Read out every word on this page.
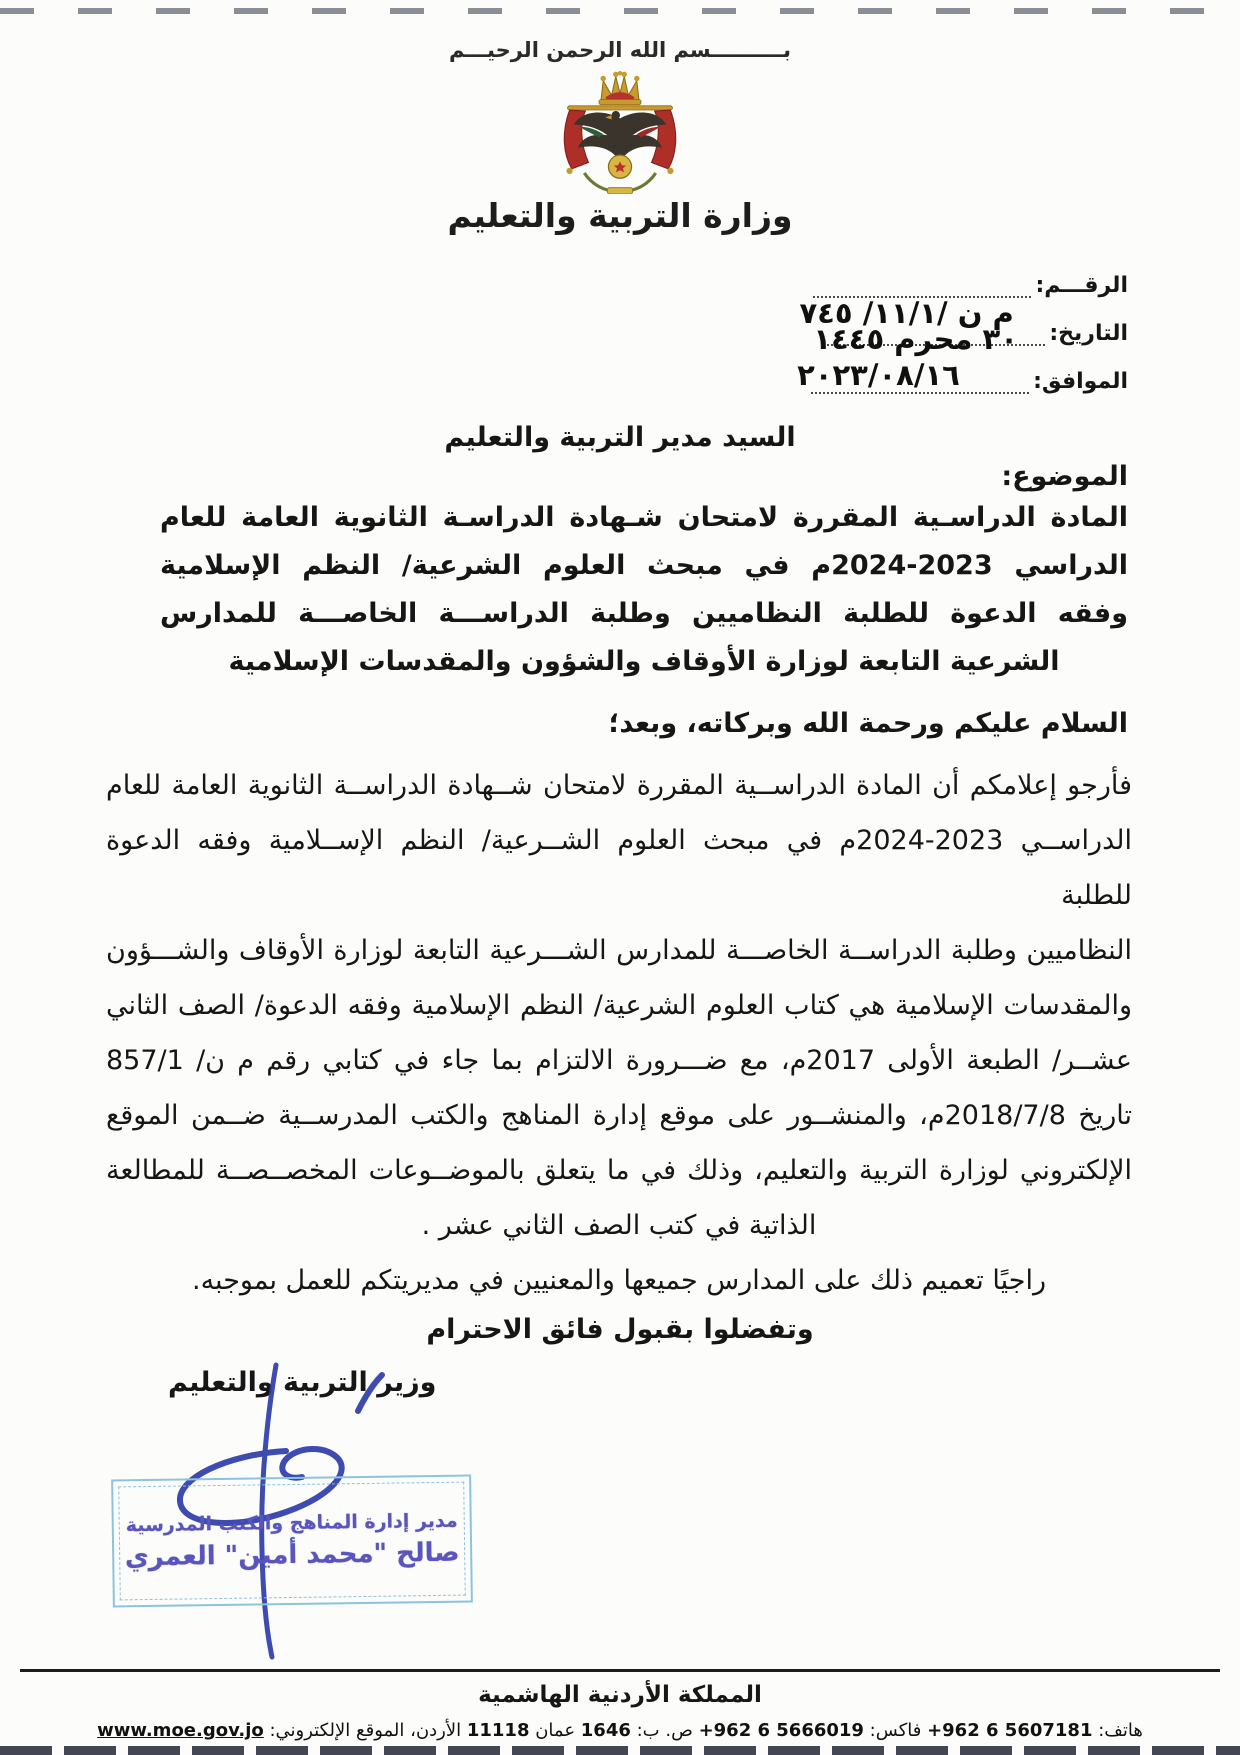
بــــــــــسم الله الرحمن الرحيـــم
وزارة التربية والتعليم
الرقـــم:
م ن /١١/١/ ٧٤٥
التاريخ:
٣٠ محرم ١٤٤٥
الموافق:
٢٠٢٣/٠٨/١٦
السيد مدير التربية والتعليم
الموضوع:
المادة الدراسـية المقررة لامتحان شـهادة الدراسـة الثانوية العامة للعام
الدراسي 2023-2024م في مبحث العلوم الشرعية/ النظم الإسلامية
وفقه الدعوة للطلبة النظاميين وطلبة الدراســـة الخاصـــة للمدارس
الشرعية التابعة لوزارة الأوقاف والشؤون والمقدسات الإسلامية
السلام عليكم ورحمة الله وبركاته، وبعد؛
فأرجو إعلامكم أن المادة الدراســية المقررة لامتحان شــهادة الدراســة الثانوية العامة للعام
الدراســي 2023-2024م في مبحث العلوم الشــرعية/ النظم الإســلامية وفقه الدعوة للطلبة
النظاميين وطلبة الدراســة الخاصـــة للمدارس الشـــرعية التابعة لوزارة الأوقاف والشـــؤون
والمقدسات الإسلامية هي كتاب العلوم الشرعية/ النظم الإسلامية وفقه الدعوة/ الصف الثاني
عشــر/ الطبعة الأولى 2017م، مع ضـــرورة الالتزام بما جاء في كتابي رقم م ن/ 857/1
تاريخ 2018/7/8م، والمنشــور على موقع إدارة المناهج والكتب المدرســية ضــمن الموقع
الإلكتروني لوزارة التربية والتعليم، وذلك في ما يتعلق بالموضــوعات المخصــصــة للمطالعة
الذاتية في كتب الصف الثاني عشر .
راجيًا تعميم ذلك على المدارس جميعها والمعنيين في مديريتكم للعمل بموجبه.
وتفضلوا بقبول فائق الاحترام
وزير التربية والتعليم
مدير إدارة المناهج والكتب المدرسية
صالح "محمد أمين" العمري
المملكة الأردنية الهاشمية
هاتف: +962 6 5607181 فاكس: +962 6 5666019 ص. ب: 1646 عمان 11118 الأردن، الموقع الإلكتروني: www.moe.gov.jo
